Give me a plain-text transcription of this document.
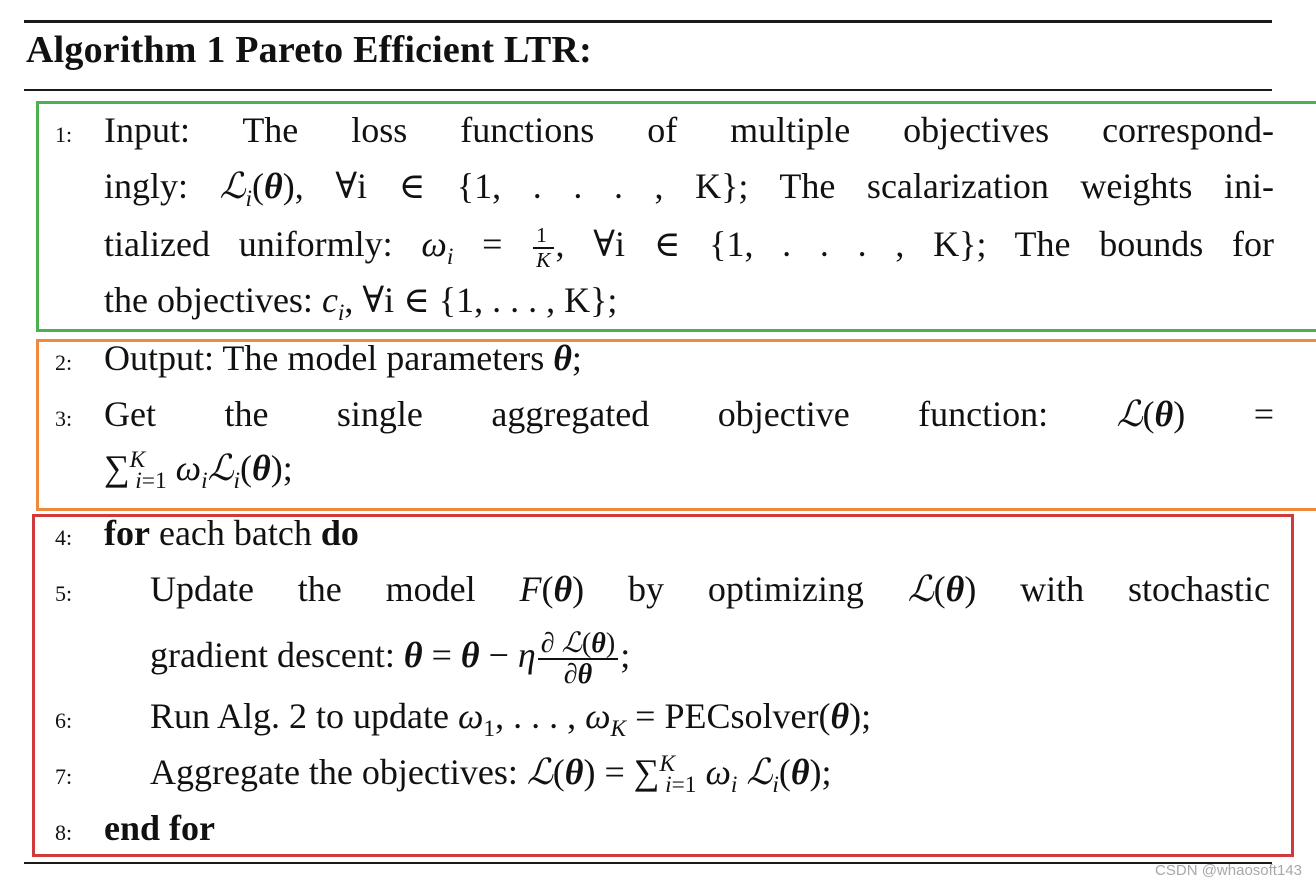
Algorithm 1 Pareto Efficient LTR:
1: Input: The loss functions of multiple objectives correspond-
ingly: ℒ$_i$(θ), ∀i ∈ {1, . . . , K}; The scalarization weights ini-
tialized uniformly: $\omega_i = \frac{1}{K}$ , ∀i ∈ {1, . . . , K}; The bounds for
the objectives: $c_i$, ∀i ∈ {1, . . . , K};
2: Output: The model parameters θ;
3: Get the single aggregated objective function: ℒ(θ) =
∑$^K_{i=1}$ $\omega_iℒ_i(\theta)$;
4: for each batch do
5:	Update the model F(θ) by optimizing ℒ(θ) with stochastic
gradient descent: θ = θ − η $\frac{\text{∂ ℒ(θ)}}{\partial\theta}$ ;
6:	Run Alg. 2 to update $\omega_1$, . . . , $\omega_K$ = PECsolver(θ);
7:	Aggregate the objectives: ℒ(θ) = ∑$^K_{i=1}$ $\omega_i$ ℒ$_i$(θ);
8: end for
CSDN @whaosoft143
